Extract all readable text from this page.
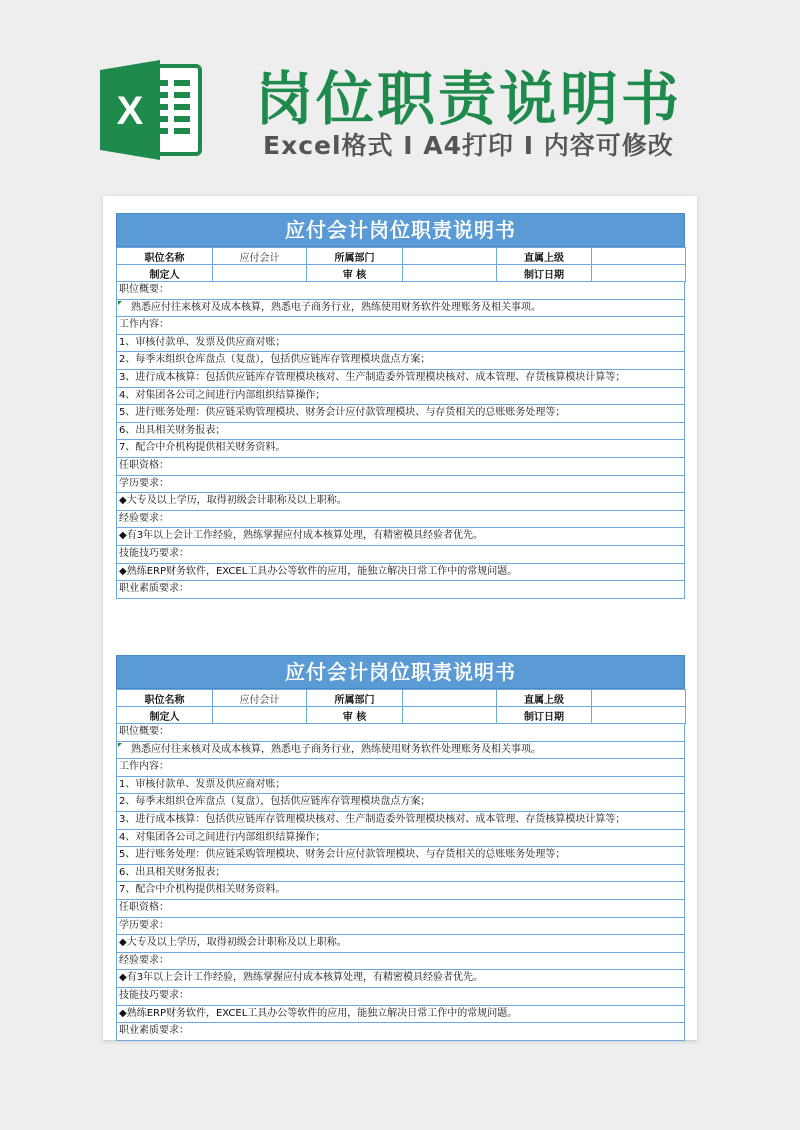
X 岗位职责说明书
Excel格式 I A4打印 I 内容可修改
应付会计岗位职责说明书
职位名称	应付会计	所属部门		直属上级	
制定人		审 核		制订日期	
职位概要：
熟悉应付往来核对及成本核算，熟悉电子商务行业，熟练使用财务软件处理账务及相关事项。
工作内容：
1、审核付款单、发票及供应商对账；
2、每季末组织仓库盘点（复盘），包括供应链库存管理模块盘点方案；
3、进行成本核算：包括供应链库存管理模块核对、生产制造委外管理模块核对、成本管理、存货核算模块计算等；
4、对集团各公司之间进行内部组织结算操作；
5、进行账务处理：供应链采购管理模块、财务会计应付款管理模块、与存货相关的总账账务处理等；
6、出具相关财务报表；
7、配合中介机构提供相关财务资料。
任职资格：
学历要求：
◆大专及以上学历，取得初级会计职称及以上职称。
经验要求：
◆有3年以上会计工作经验，熟练掌握应付成本核算处理，有精密模具经验者优先。
技能技巧要求：
◆熟练ERP财务软件，EXCEL工具办公等软件的应用，能独立解决日常工作中的常规问题。
职业素质要求：
应付会计岗位职责说明书
职位名称	应付会计	所属部门		直属上级	
制定人		审 核		制订日期	
职位概要：
熟悉应付往来核对及成本核算，熟悉电子商务行业，熟练使用财务软件处理账务及相关事项。
工作内容：
1、审核付款单、发票及供应商对账；
2、每季末组织仓库盘点（复盘），包括供应链库存管理模块盘点方案；
3、进行成本核算：包括供应链库存管理模块核对、生产制造委外管理模块核对、成本管理、存货核算模块计算等；
4、对集团各公司之间进行内部组织结算操作；
5、进行账务处理：供应链采购管理模块、财务会计应付款管理模块、与存货相关的总账账务处理等；
6、出具相关财务报表；
7、配合中介机构提供相关财务资料。
任职资格：
学历要求：
◆大专及以上学历，取得初级会计职称及以上职称。
经验要求：
◆有3年以上会计工作经验，熟练掌握应付成本核算处理，有精密模具经验者优先。
技能技巧要求：
◆熟练ERP财务软件，EXCEL工具办公等软件的应用，能独立解决日常工作中的常规问题。
职业素质要求：
